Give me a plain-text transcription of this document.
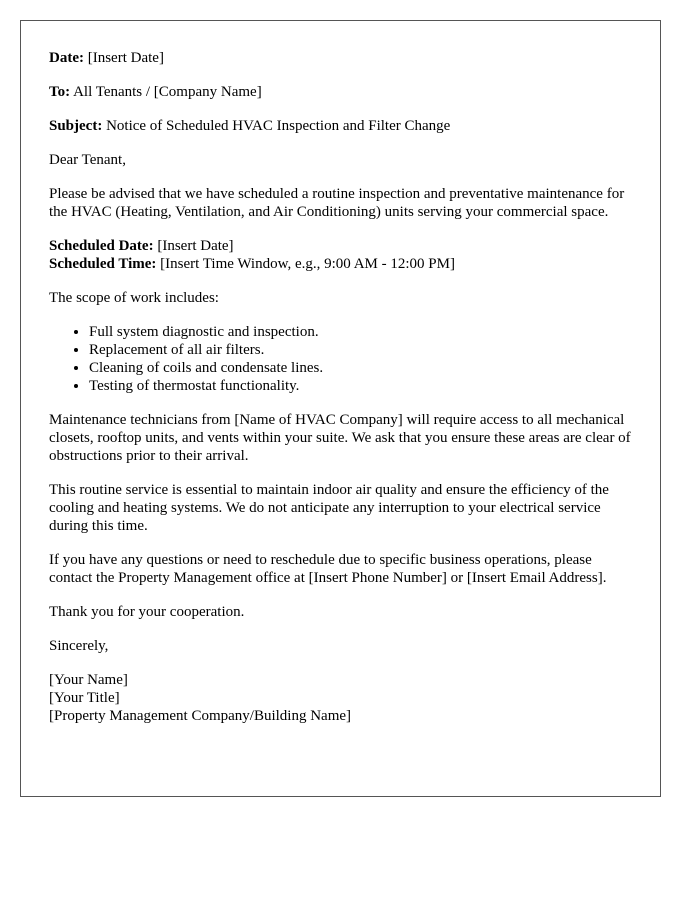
Date: [Insert Date]

To: All Tenants / [Company Name]

Subject: Notice of Scheduled HVAC Inspection and Filter Change

Dear Tenant,

Please be advised that we have scheduled a routine inspection and preventative maintenance for the HVAC (Heating, Ventilation, and Air Conditioning) units serving your commercial space.

Scheduled Date: [Insert Date]
Scheduled Time: [Insert Time Window, e.g., 9:00 AM - 12:00 PM]

The scope of work includes:

• Full system diagnostic and inspection.
• Replacement of all air filters.
• Cleaning of coils and condensate lines.
• Testing of thermostat functionality.

Maintenance technicians from [Name of HVAC Company] will require access to all mechanical closets, rooftop units, and vents within your suite. We ask that you ensure these areas are clear of obstructions prior to their arrival.

This routine service is essential to maintain indoor air quality and ensure the efficiency of the cooling and heating systems. We do not anticipate any interruption to your electrical service during this time.

If you have any questions or need to reschedule due to specific business operations, please contact the Property Management office at [Insert Phone Number] or [Insert Email Address].

Thank you for your cooperation.

Sincerely,

[Your Name]
[Your Title]
[Property Management Company/Building Name]
